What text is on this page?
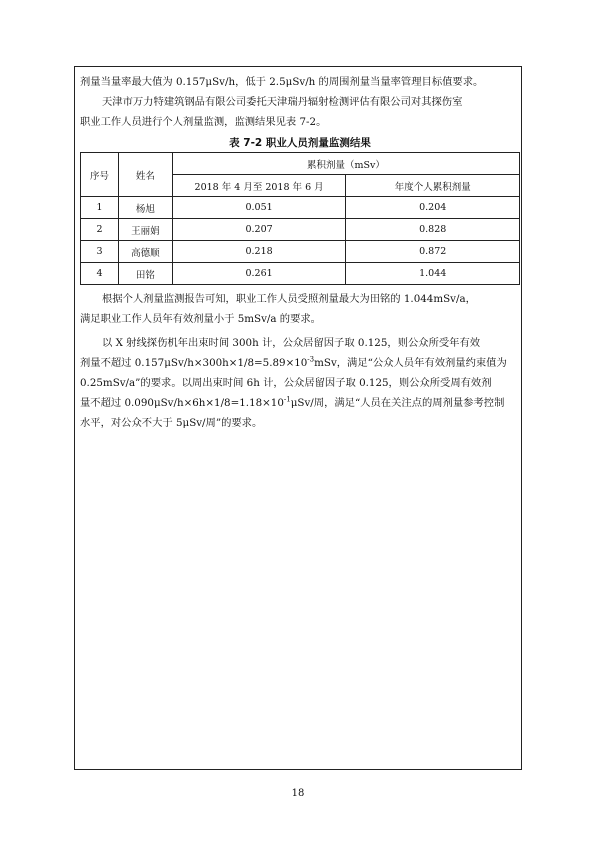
剂量当量率最大值为 0.157μSv/h，低于 2.5μSv/h 的周围剂量当量率管理目标值要求。
天津市万力特建筑钢品有限公司委托天津瑞丹辐射检测评估有限公司对其探伤室
职业工作人员进行个人剂量监测，监测结果见表 7-2。
表 7-2 职业人员剂量监测结果
序号	姓名	累积剂量（mSv）	
		2018 年 4 月至 2018 年 6 月	年度个人累积剂量
1	杨旭	0.051	0.204
2	王丽娟	0.207	0.828
3	高德顺	0.218	0.872
4	田铭	0.261	1.044
根据个人剂量监测报告可知，职业工作人员受照剂量最大为田铭的 1.044mSv/a，
满足职业工作人员年有效剂量小于 5mSv/a 的要求。
以 X 射线探伤机年出束时间 300h 计，公众居留因子取 0.125，则公众所受年有效
剂量不超过 $0.157\mu Sv/h\times 300h\times 1/8=5.89\times 10^{-3}mSv$，满足“公众人员年有效剂量约束值为
0.25mSv/a”的要求。以周出束时间 6h 计，公众居留因子取 0.125，则公众所受周有效剂
量不超过 $0.090\mu Sv/h\times 6h\times 1/8=1.18\times 10^{-1}\mu Sv/$周，满足“人员在关注点的周剂量参考控制
水平，对公众不大于 5μSv/周”的要求。
18
